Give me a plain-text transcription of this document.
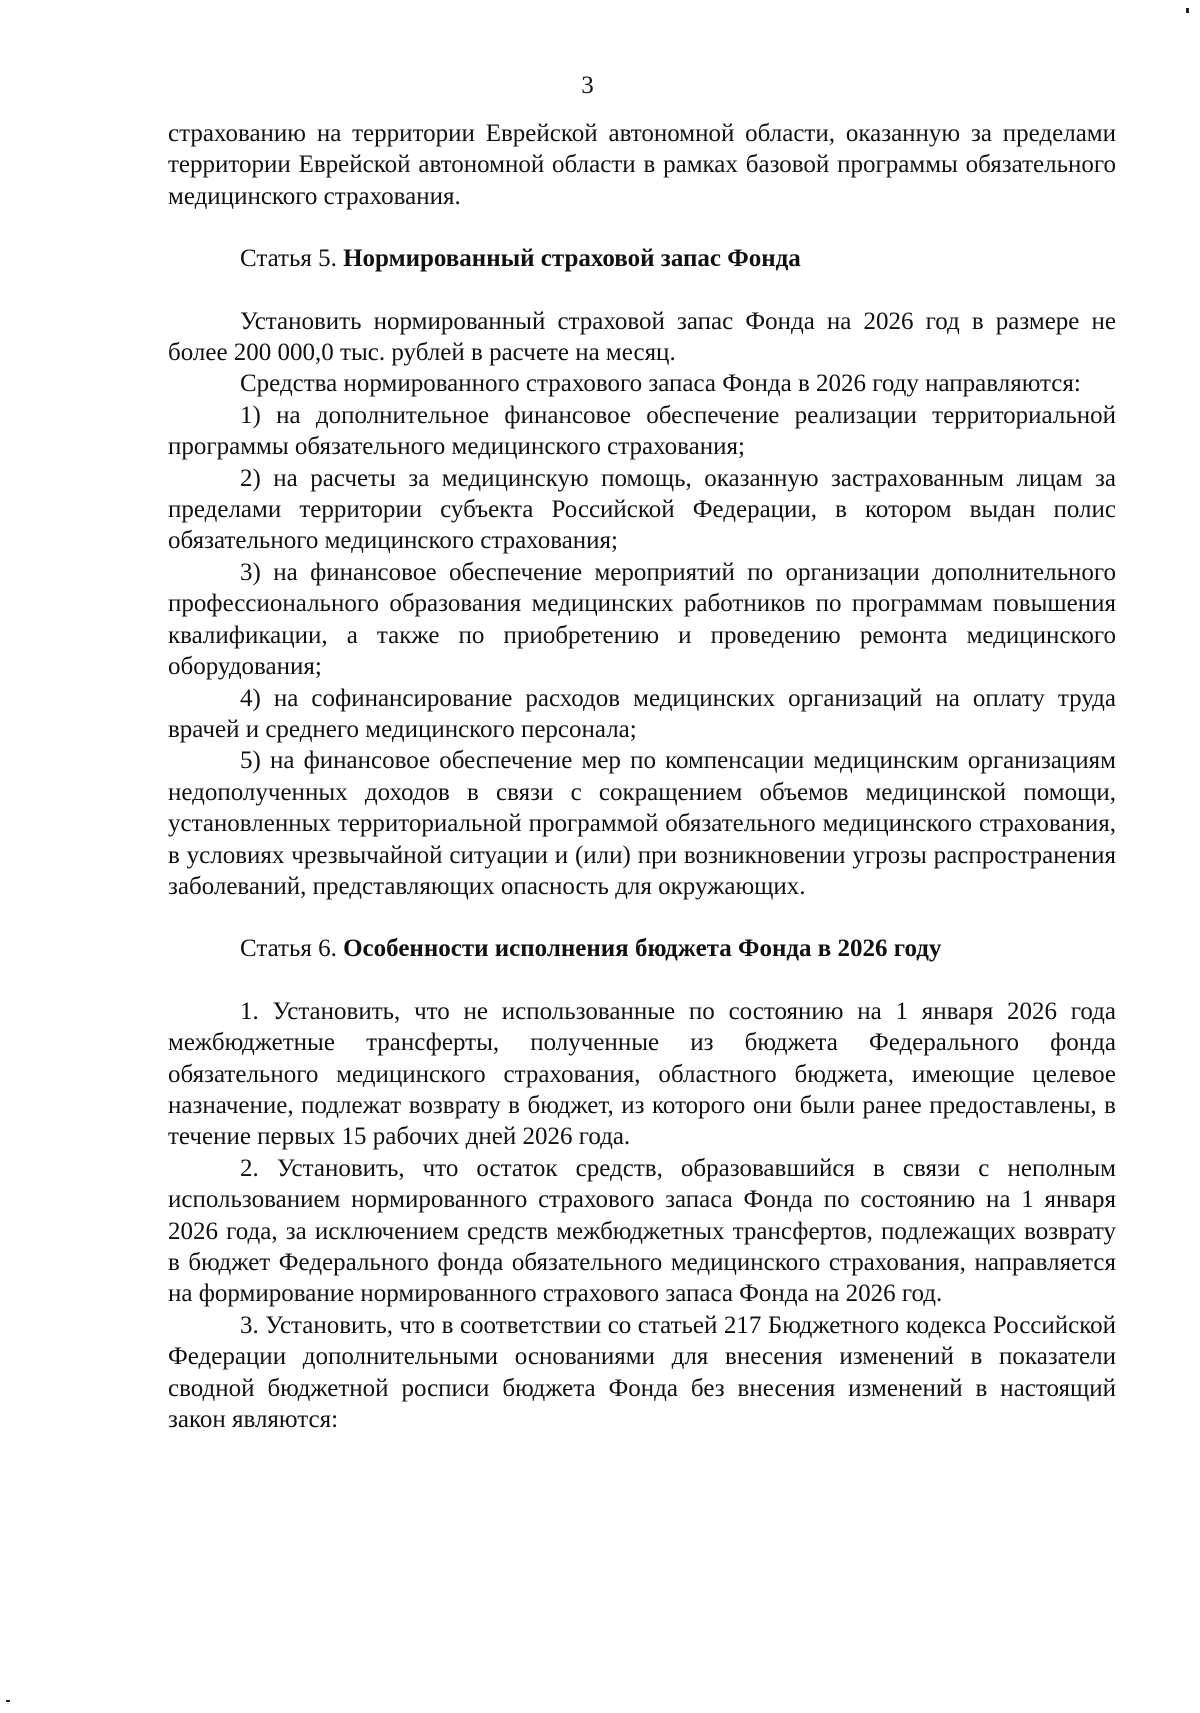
3

страхованию на территории Еврейской автономной области, оказанную за пределами территории Еврейской автономной области в рамках базовой программы обязательного медицинского страхования.

Статья 5. Нормированный страховой запас Фонда

Установить нормированный страховой запас Фонда на 2026 год в размере не более 200 000,0 тыс. рублей в расчете на месяц.

Средства нормированного страхового запаса Фонда в 2026 году направляются:

1) на дополнительное финансовое обеспечение реализации территориальной программы обязательного медицинского страхования;

2) на расчеты за медицинскую помощь, оказанную застрахованным лицам за пределами территории субъекта Российской Федерации, в котором выдан полис обязательного медицинского страхования;

3) на финансовое обеспечение мероприятий по организации дополнительного профессионального образования медицинских работников по программам повышения квалификации, а также по приобретению и проведению ремонта медицинского оборудования;

4) на софинансирование расходов медицинских организаций на оплату труда врачей и среднего медицинского персонала;

5) на финансовое обеспечение мер по компенсации медицинским организациям недополученных доходов в связи с сокращением объемов медицинской помощи, установленных территориальной программой обязательного медицинского страхования, в условиях чрезвычайной ситуации и (или) при возникновении угрозы распространения заболеваний, представляющих опасность для окружающих.

Статья 6. Особенности исполнения бюджета Фонда в 2026 году

1. Установить, что не использованные по состоянию на 1 января 2026 года межбюджетные трансферты, полученные из бюджета Федерального фонда обязательного медицинского страхования, областного бюджета, имеющие целевое назначение, подлежат возврату в бюджет, из которого они были ранее предоставлены, в течение первых 15 рабочих дней 2026 года.

2. Установить, что остаток средств, образовавшийся в связи с неполным использованием нормированного страхового запаса Фонда по состоянию на 1 января 2026 года, за исключением средств межбюджетных трансфертов, подлежащих возврату в бюджет Федерального фонда обязательного медицинского страхования, направляется на формирование нормированного страхового запаса Фонда на 2026 год.

3. Установить, что в соответствии со статьей 217 Бюджетного кодекса Российской Федерации дополнительными основаниями для внесения изменений в показатели сводной бюджетной росписи бюджета Фонда без внесения изменений в настоящий закон являются:
